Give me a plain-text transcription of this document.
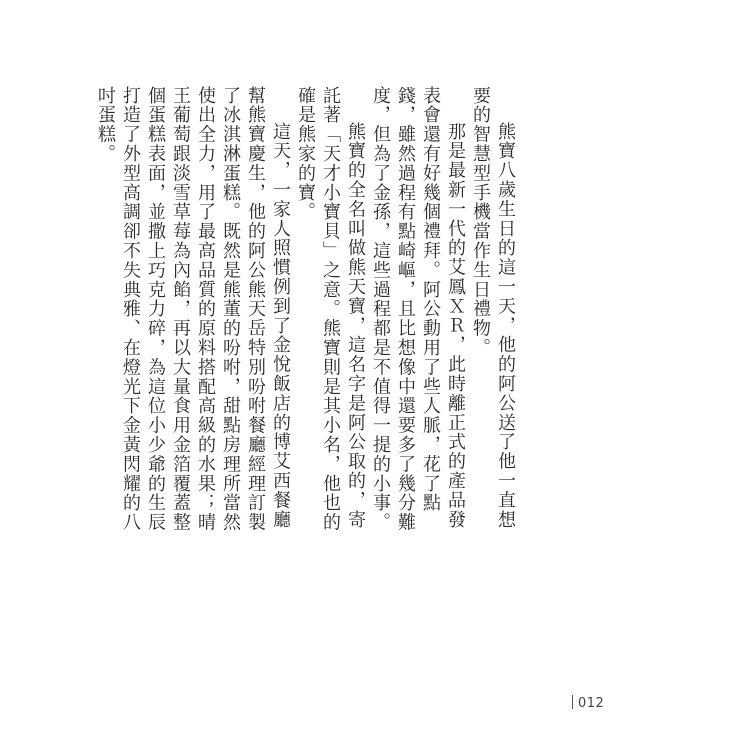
熊寶八歲生日的這一天，他的阿公送了他一直想要的智慧型手機當作生日禮物。

那是最新一代的艾鳳ＸＲ，此時離正式的產品發表會還有好幾個禮拜。阿公動用了些人脈，花了點錢，雖然過程有點崎嶇，且比想像中還要多了幾分難度，但為了金孫，這些過程都是不值得一提的小事。

熊寶的全名叫做熊天寶，這名字是阿公取的，寄託著「天才小寶貝」之意。熊寶則是其小名，他也的確是熊家的寶。

這天，一家人照慣例到了金悅飯店的博艾西餐廳幫熊寶慶生，他的阿公熊天岳特別吩咐餐廳經理訂製了冰淇淋蛋糕。既然是熊董的吩咐，甜點房理所當然使出全力，用了最高品質的原料搭配高級的水果；晴王葡萄跟淡雪草莓為內餡，再以大量食用金箔覆蓋整個蛋糕表面，並撒上巧克力碎，為這位小少爺的生辰打造了外型高調卻不失典雅、在燈光下金黃閃耀的八吋蛋糕。

012
